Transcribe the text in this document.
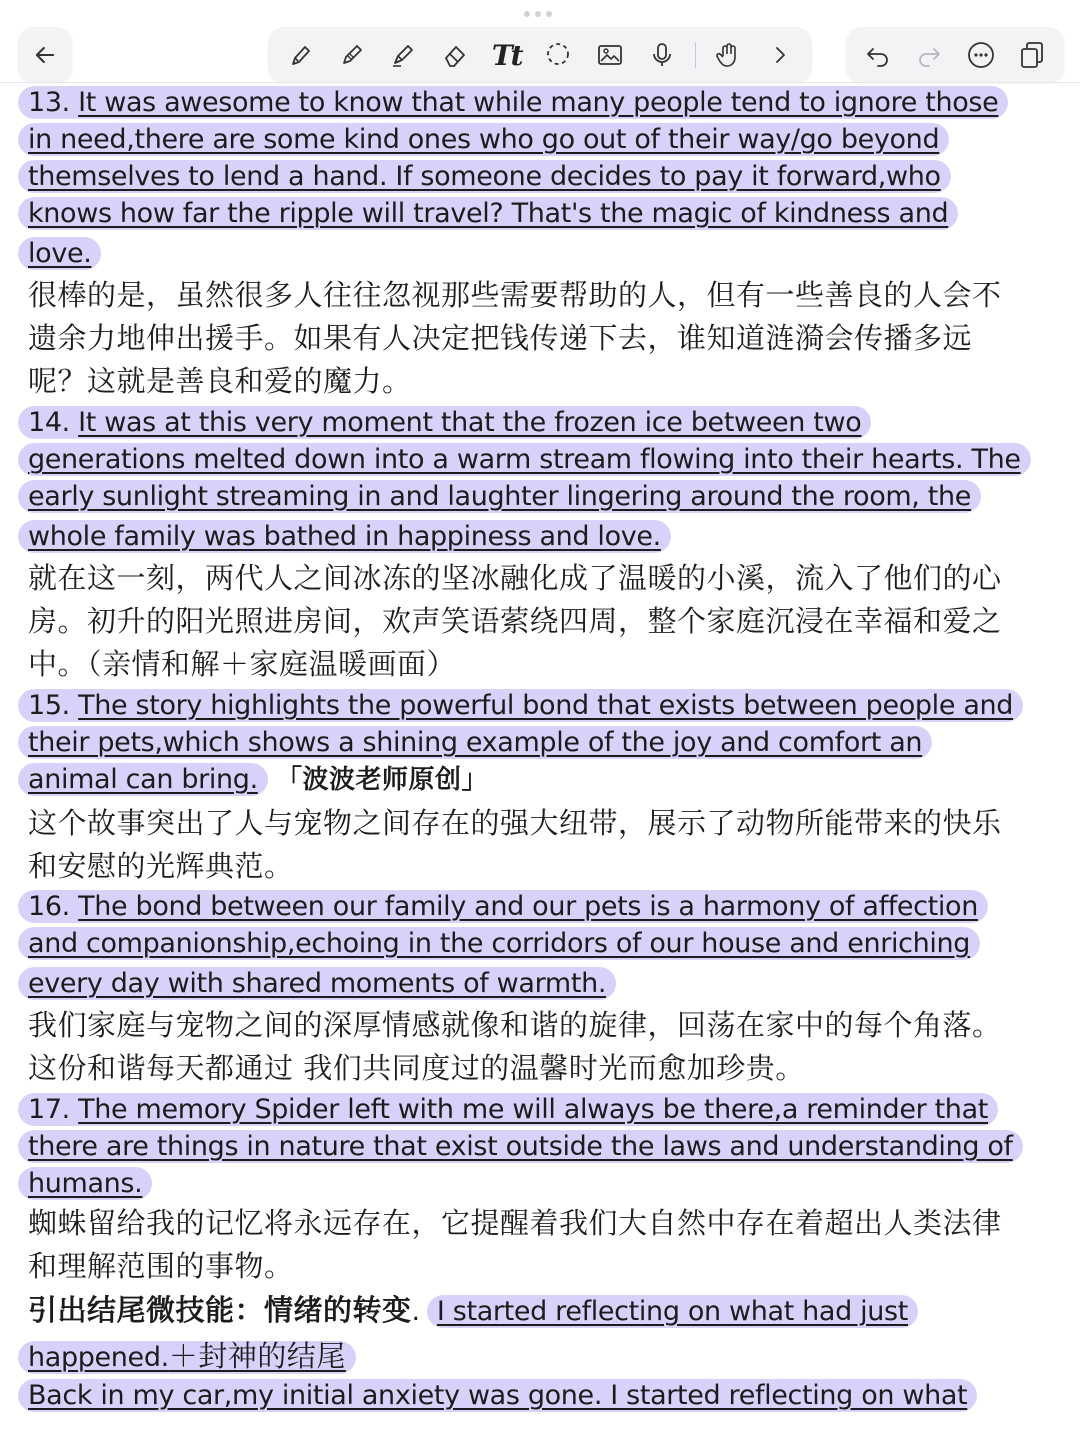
Tt
13. It was awesome to know that while many people tend to ignore those
in need,there are some kind ones who go out of their way/go beyond
themselves to lend a hand. If someone decides to pay it forward,who
knows how far the ripple will travel? That's the magic of kindness and
love.
很棒的是，虽然很多人往往忽视那些需要帮助的人，但有一些善良的人会不
遗余力地伸出援手。如果有人决定把钱传递下去，谁知道涟漪会传播多远
呢？这就是善良和爱的魔力。
14. It was at this very moment that the frozen ice between two
generations melted down into a warm stream flowing into their hearts. The
early sunlight streaming in and laughter lingering around the room, the
whole family was bathed in happiness and love.
就在这一刻，两代人之间冰冻的坚冰融化成了温暖的小溪，流入了他们的心
房。初升的阳光照进房间，欢声笑语萦绕四周，整个家庭沉浸在幸福和爱之
中。（亲情和解＋家庭温暖画面）
15. The story highlights the powerful bond that exists between people and
their pets,which shows a shining example of the joy and comfort an
animal can bring. 「波波老师原创」
这个故事突出了人与宠物之间存在的强大纽带，展示了动物所能带来的快乐
和安慰的光辉典范。
16. The bond between our family and our pets is a harmony of affection
and companionship,echoing in the corridors of our house and enriching
every day with shared moments of warmth.
我们家庭与宠物之间的深厚情感就像和谐的旋律，回荡在家中的每个角落。
这份和谐每天都通过 我们共同度过的温馨时光而愈加珍贵。
17. The memory Spider left with me will always be there,a reminder that
there are things in nature that exist outside the laws and understanding of
humans.
蜘蛛留给我的记忆将永远存在，它提醒着我们大自然中存在着超出人类法律
和理解范围的事物。
引出结尾微技能：情绪的转变. I started reflecting on what had just
happened.＋封神的结尾
Back in my car,my initial anxiety was gone. I started reflecting on what
